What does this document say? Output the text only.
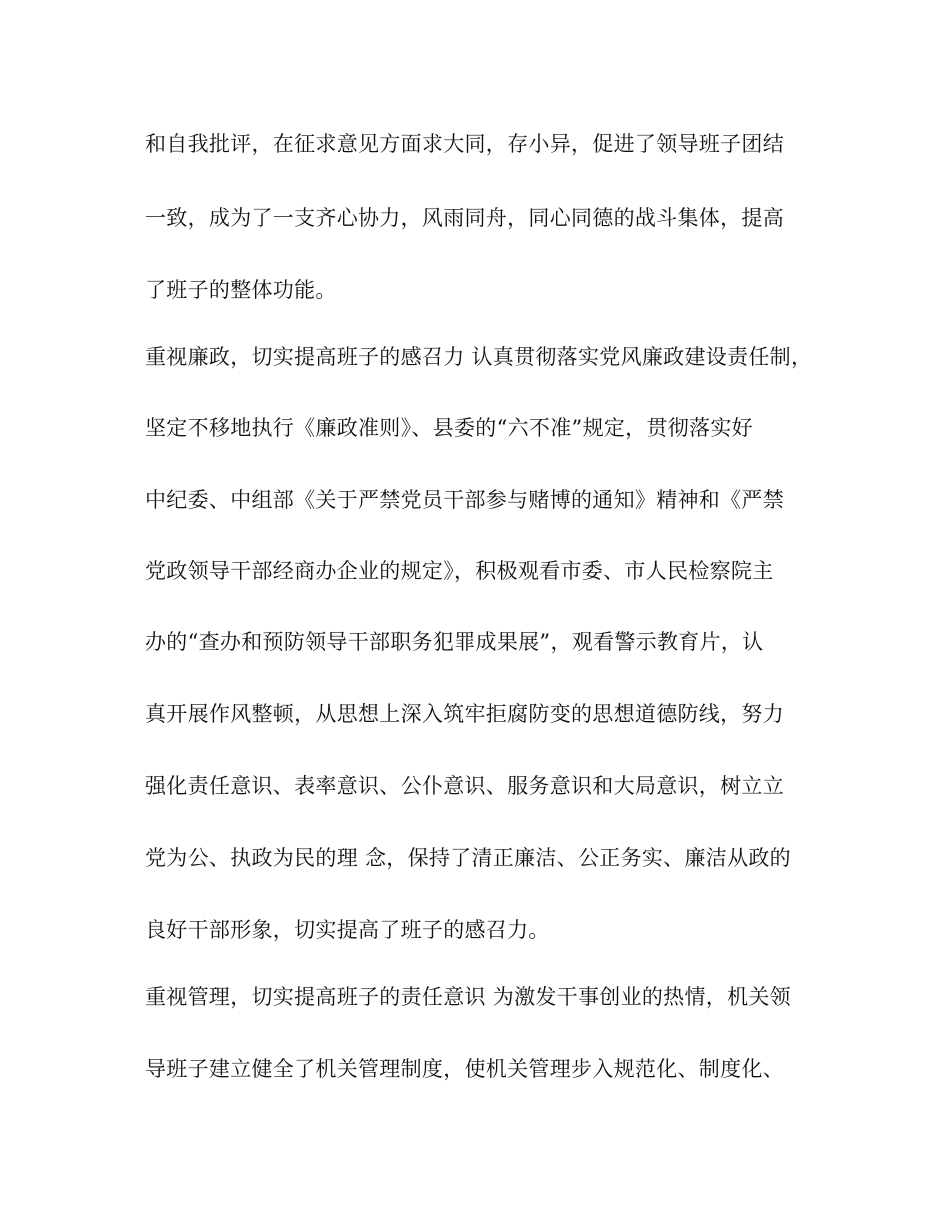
和自我批评，在征求意见方面求大同，存小异，促进了领导班子团结
一致，成为了一支齐心协力，风雨同舟，同心同德的战斗集体，提高
了班子的整体功能。
重视廉政，切实提高班子的感召力 认真贯彻落实党风廉政建设责任制，
坚定不移地执行《廉政准则》、县委的“六不准”规定，贯彻落实好
中纪委、中组部《关于严禁党员干部参与赌博的通知》精神和《严禁
党政领导干部经商办企业的规定》，积极观看市委、市人民检察院主
办的“查办和预防领导干部职务犯罪成果展”，观看警示教育片，认
真开展作风整顿，从思想上深入筑牢拒腐防变的思想道德防线，努力
强化责任意识、表率意识、公仆意识、服务意识和大局意识，树立立
党为公、执政为民的理 念，保持了清正廉洁、公正务实、廉洁从政的
良好干部形象，切实提高了班子的感召力。
重视管理，切实提高班子的责任意识 为激发干事创业的热情，机关领
导班子建立健全了机关管理制度，使机关管理步入规范化、制度化、
